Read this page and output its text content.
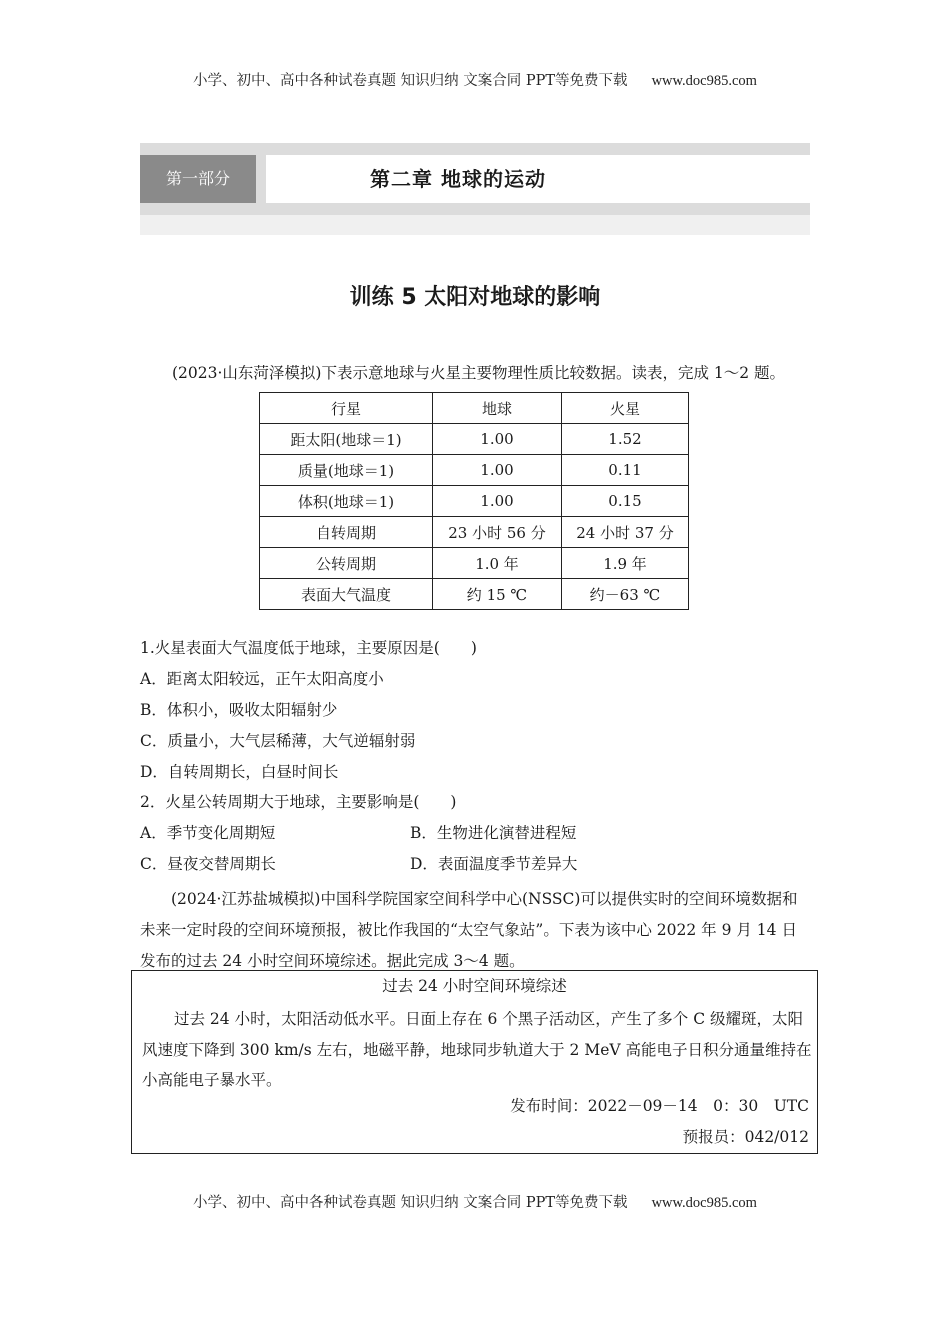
小学、初中、高中各种试卷真题 知识归纳 文案合同 PPT等免费下载 www.doc985.com
第一部分	第二章 地球的运动
训练 5 太阳对地球的影响
(2023·山东菏泽模拟)下表示意地球与火星主要物理性质比较数据。读表，完成 1～2 题。
行星	地球	火星
距太阳(地球＝1)	1.00	1.52
质量(地球＝1)	1.00	0.11
体积(地球＝1)	1.00	0.15
自转周期	23 小时 56 分	24 小时 37 分
公转周期	1.0 年	1.9 年
表面大气温度	约 15 ℃	约－63 ℃
1.火星表面大气温度低于地球，主要原因是(　　)
A．距离太阳较远，正午太阳高度小
B．体积小，吸收太阳辐射少
C．质量小，大气层稀薄，大气逆辐射弱
D．自转周期长，白昼时间长
2．火星公转周期大于地球，主要影响是(　　)
A．季节变化周期短	B．生物进化演替进程短
C．昼夜交替周期长	D．表面温度季节差异大
(2024·江苏盐城模拟)中国科学院国家空间科学中心(NSSC)可以提供实时的空间环境数据和未来一定时段的空间环境预报，被比作我国的“太空气象站”。下表为该中心 2022 年 9 月 14 日发布的过去 24 小时空间环境综述。据此完成 3～4 题。
过去 24 小时空间环境综述
过去 24 小时，太阳活动低水平。日面上存在 6 个黑子活动区，产生了多个 C 级耀斑，太阳风速度下降到 300 km/s 左右，地磁平静，地球同步轨道大于 2 MeV 高能电子日积分通量维持在小高能电子暴水平。
发布时间：2022－09－14　0：30　UTC
预报员：042/012
小学、初中、高中各种试卷真题 知识归纳 文案合同 PPT等免费下载 www.doc985.com
